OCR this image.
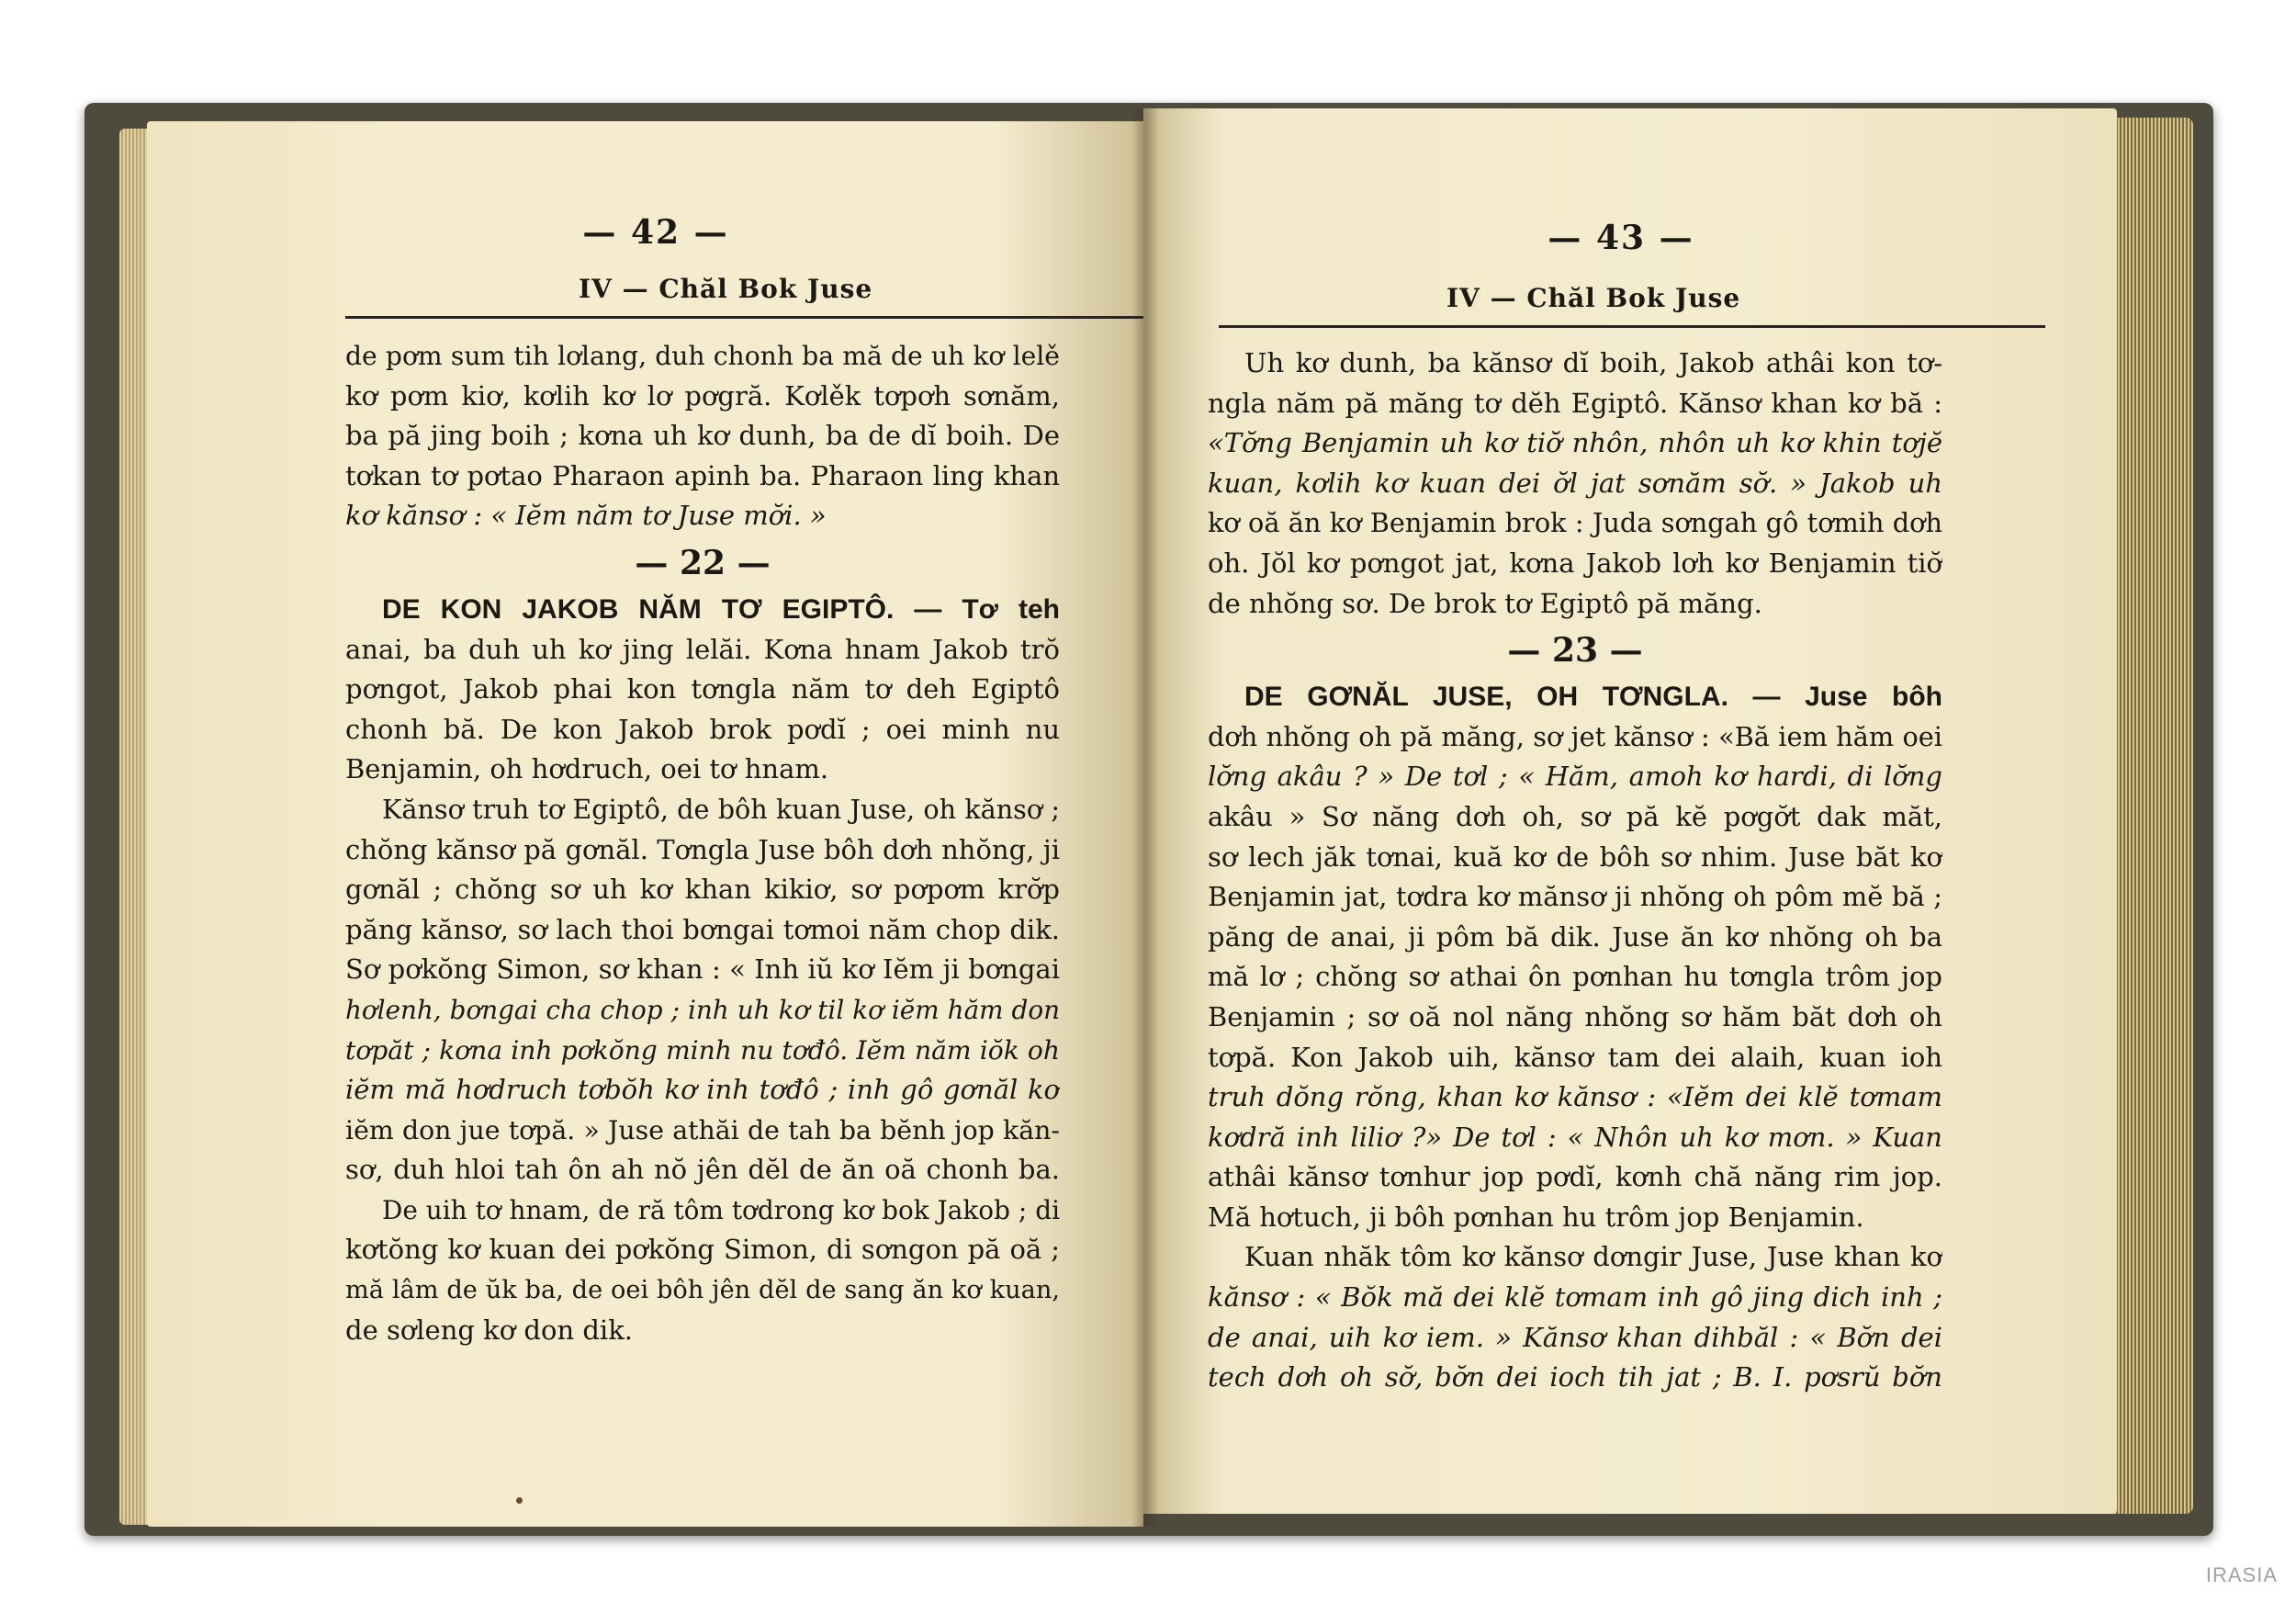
— 42 —
IV — Chăl Bok Juse
de pơm sum tih lơlang, duh chonh ba mă de uh kơ lelě
kơ pơm kiơ, kơlih kơ lơ pơgră. Kơlěk tơpơh sơnăm,
ba pă jing boih ; kơna uh kơ dunh, ba de dĭ boih. De
tơkan tơ pơtao Pharaon apinh ba. Pharaon ling khan
kơ kănsơ : « Iĕm năm tơ Juse mơ̆i. »
— 22 —
DE KON JAKOB NĂM TƠ EGIPTÔ. — Tơ teh
anai, ba duh uh kơ jing lelăi. Kơna hnam Jakob trŏ
pơngot, Jakob phai kon tơngla năm tơ deh Egiptô
chonh bă. De kon Jakob brok pơdĭ ; oei minh nu
Benjamin, oh hơdruch, oei tơ hnam.
Kănsơ truh tơ Egiptô, de bôh kuan Juse, oh kănsơ ;
chŏng kănsơ pă gơnăl. Tơngla Juse bôh dơh nhŏng, ji
gơnăl ; chŏng sơ uh kơ khan kikiơ, sơ pơpơm krơ̆p
păng kănsơ, sơ lach thoi bơngai tơmoi năm chop dik.
Sơ pơkŏng Simon, sơ khan : « Inh iŭ kơ Iĕm ji bơngai
hơlenh, bơngai cha chop ; inh uh kơ til kơ iĕm hăm don
tơpăt ; kơna inh pơkŏng minh nu tơđô. Iĕm năm iŏk oh
iĕm mă hơdruch tơbŏh kơ inh tơđô ; inh gô gơnăl kơ
iĕm don jue tơpă. » Juse athăi de tah ba bĕnh jop kăn-
sơ, duh hloi tah ôn ah nŏ jên dĕl de ăn oă chonh ba.
De uih tơ hnam, de ră tôm tơdrong kơ bok Jakob ; di
kơtŏng kơ kuan dei pơkŏng Simon, di sơngon pă oă ;
mă lâm de ŭk ba, de oei bôh jên dĕl de sang ăn kơ kuan,
de sơleng kơ don dik.
— 43 —
IV — Chăl Bok Juse
Uh kơ dunh, ba kănsơ dĭ boih, Jakob athâi kon tơ-
ngla năm pă măng tơ dĕh Egiptô. Kănsơ khan kơ bă :
«Tơ̆ng Benjamin uh kơ tiơ̆ nhôn, nhôn uh kơ khin tơjĕ
kuan, kơlih kơ kuan dei ơ̆l jat sơnăm sơ̆. » Jakob uh
kơ oă ăn kơ Benjamin brok : Juda sơngah gô tơmih dơh
oh. Jŏl kơ pơngot jat, kơna Jakob lơh kơ Benjamin tiơ̆
de nhŏng sơ. De brok tơ Egiptô pă măng.
— 23 —
DE GƠNĂL JUSE, OH TƠNGLA. — Juse bôh
dơh nhŏng oh pă măng, sơ jet kănsơ : «Bă iem hăm oei
lơ̆ng akâu ? » De tơl ; « Hăm, amoh kơ hardi, di lơ̆ng
akâu » Sơ năng dơh oh, sơ pă kĕ pơgơ̆t dak măt,
sơ lech jăk tơnai, kuă kơ de bôh sơ nhim. Juse băt kơ
Benjamin jat, tơdra kơ mănsơ ji nhŏng oh pôm mĕ bă ;
păng de anai, ji pôm bă dik. Juse ăn kơ nhŏng oh ba
mă lơ ; chŏng sơ athai ôn pơnhan hu tơngla trôm jop
Benjamin ; sơ oă nol năng nhŏng sơ hăm băt dơh oh
tơpă. Kon Jakob uih, kănsơ tam dei alaih, kuan ioh
truh dŏng rŏng, khan kơ kănsơ : «Iĕm dei klĕ tơmam
kơdră inh liliơ ?» De tơl : « Nhôn uh kơ mơn. » Kuan
athâi kănsơ tơnhur jop pơdĭ, kơnh chă năng rim jop.
Mă hơtuch, ji bôh pơnhan hu trôm jop Benjamin.
Kuan nhăk tôm kơ kănsơ dơngir Juse, Juse khan kơ
kănsơ : « Bŏk mă dei klĕ tơmam inh gô jing dich inh ;
de anai, uih kơ iem. » Kănsơ khan dihbăl : « Bơ̆n dei
tech dơh oh sơ̆, bơ̆n dei ioch tih jat ; B. I. pơsrŭ bơ̆n
IRASIA
